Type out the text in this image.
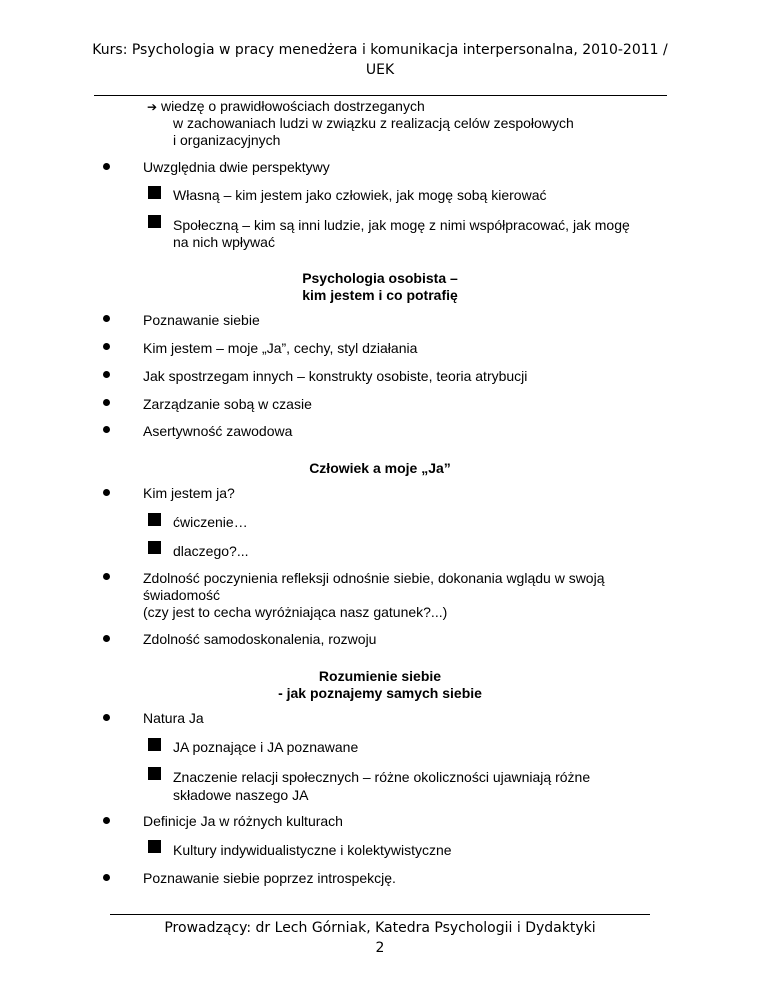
Kurs: Psychologia w pracy menedżera i komunikacja interpersonalna, 2010-2011 /
UEK
➔ wiedzę o prawidłowościach dostrzeganych
w zachowaniach ludzi w związku z realizacją celów zespołowych
i organizacyjnych
Uwzględnia dwie perspektywy
Własną – kim jestem jako człowiek, jak mogę sobą kierować
Społeczną – kim są inni ludzie, jak mogę z nimi współpracować, jak mogę
na nich wpływać
Psychologia osobista –
kim jestem i co potrafię
Poznawanie siebie
Kim jestem – moje „Ja”, cechy, styl działania
Jak spostrzegam innych – konstrukty osobiste, teoria atrybucji
Zarządzanie sobą w czasie
Asertywność zawodowa
Człowiek a moje „Ja”
Kim jestem ja?
ćwiczenie…
dlaczego?...
Zdolność poczynienia refleksji odnośnie siebie, dokonania wglądu w swoją
świadomość
(czy jest to cecha wyróżniająca nasz gatunek?...)
Zdolność samodoskonalenia, rozwoju
Rozumienie siebie
- jak poznajemy samych siebie
Natura Ja
JA poznające i JA poznawane
Znaczenie relacji społecznych – różne okoliczności ujawniają różne
składowe naszego JA
Definicje Ja w różnych kulturach
Kultury indywidualistyczne i kolektywistyczne
Poznawanie siebie poprzez introspekcję.
Prowadzący: dr Lech Górniak, Katedra Psychologii i Dydaktyki
2
